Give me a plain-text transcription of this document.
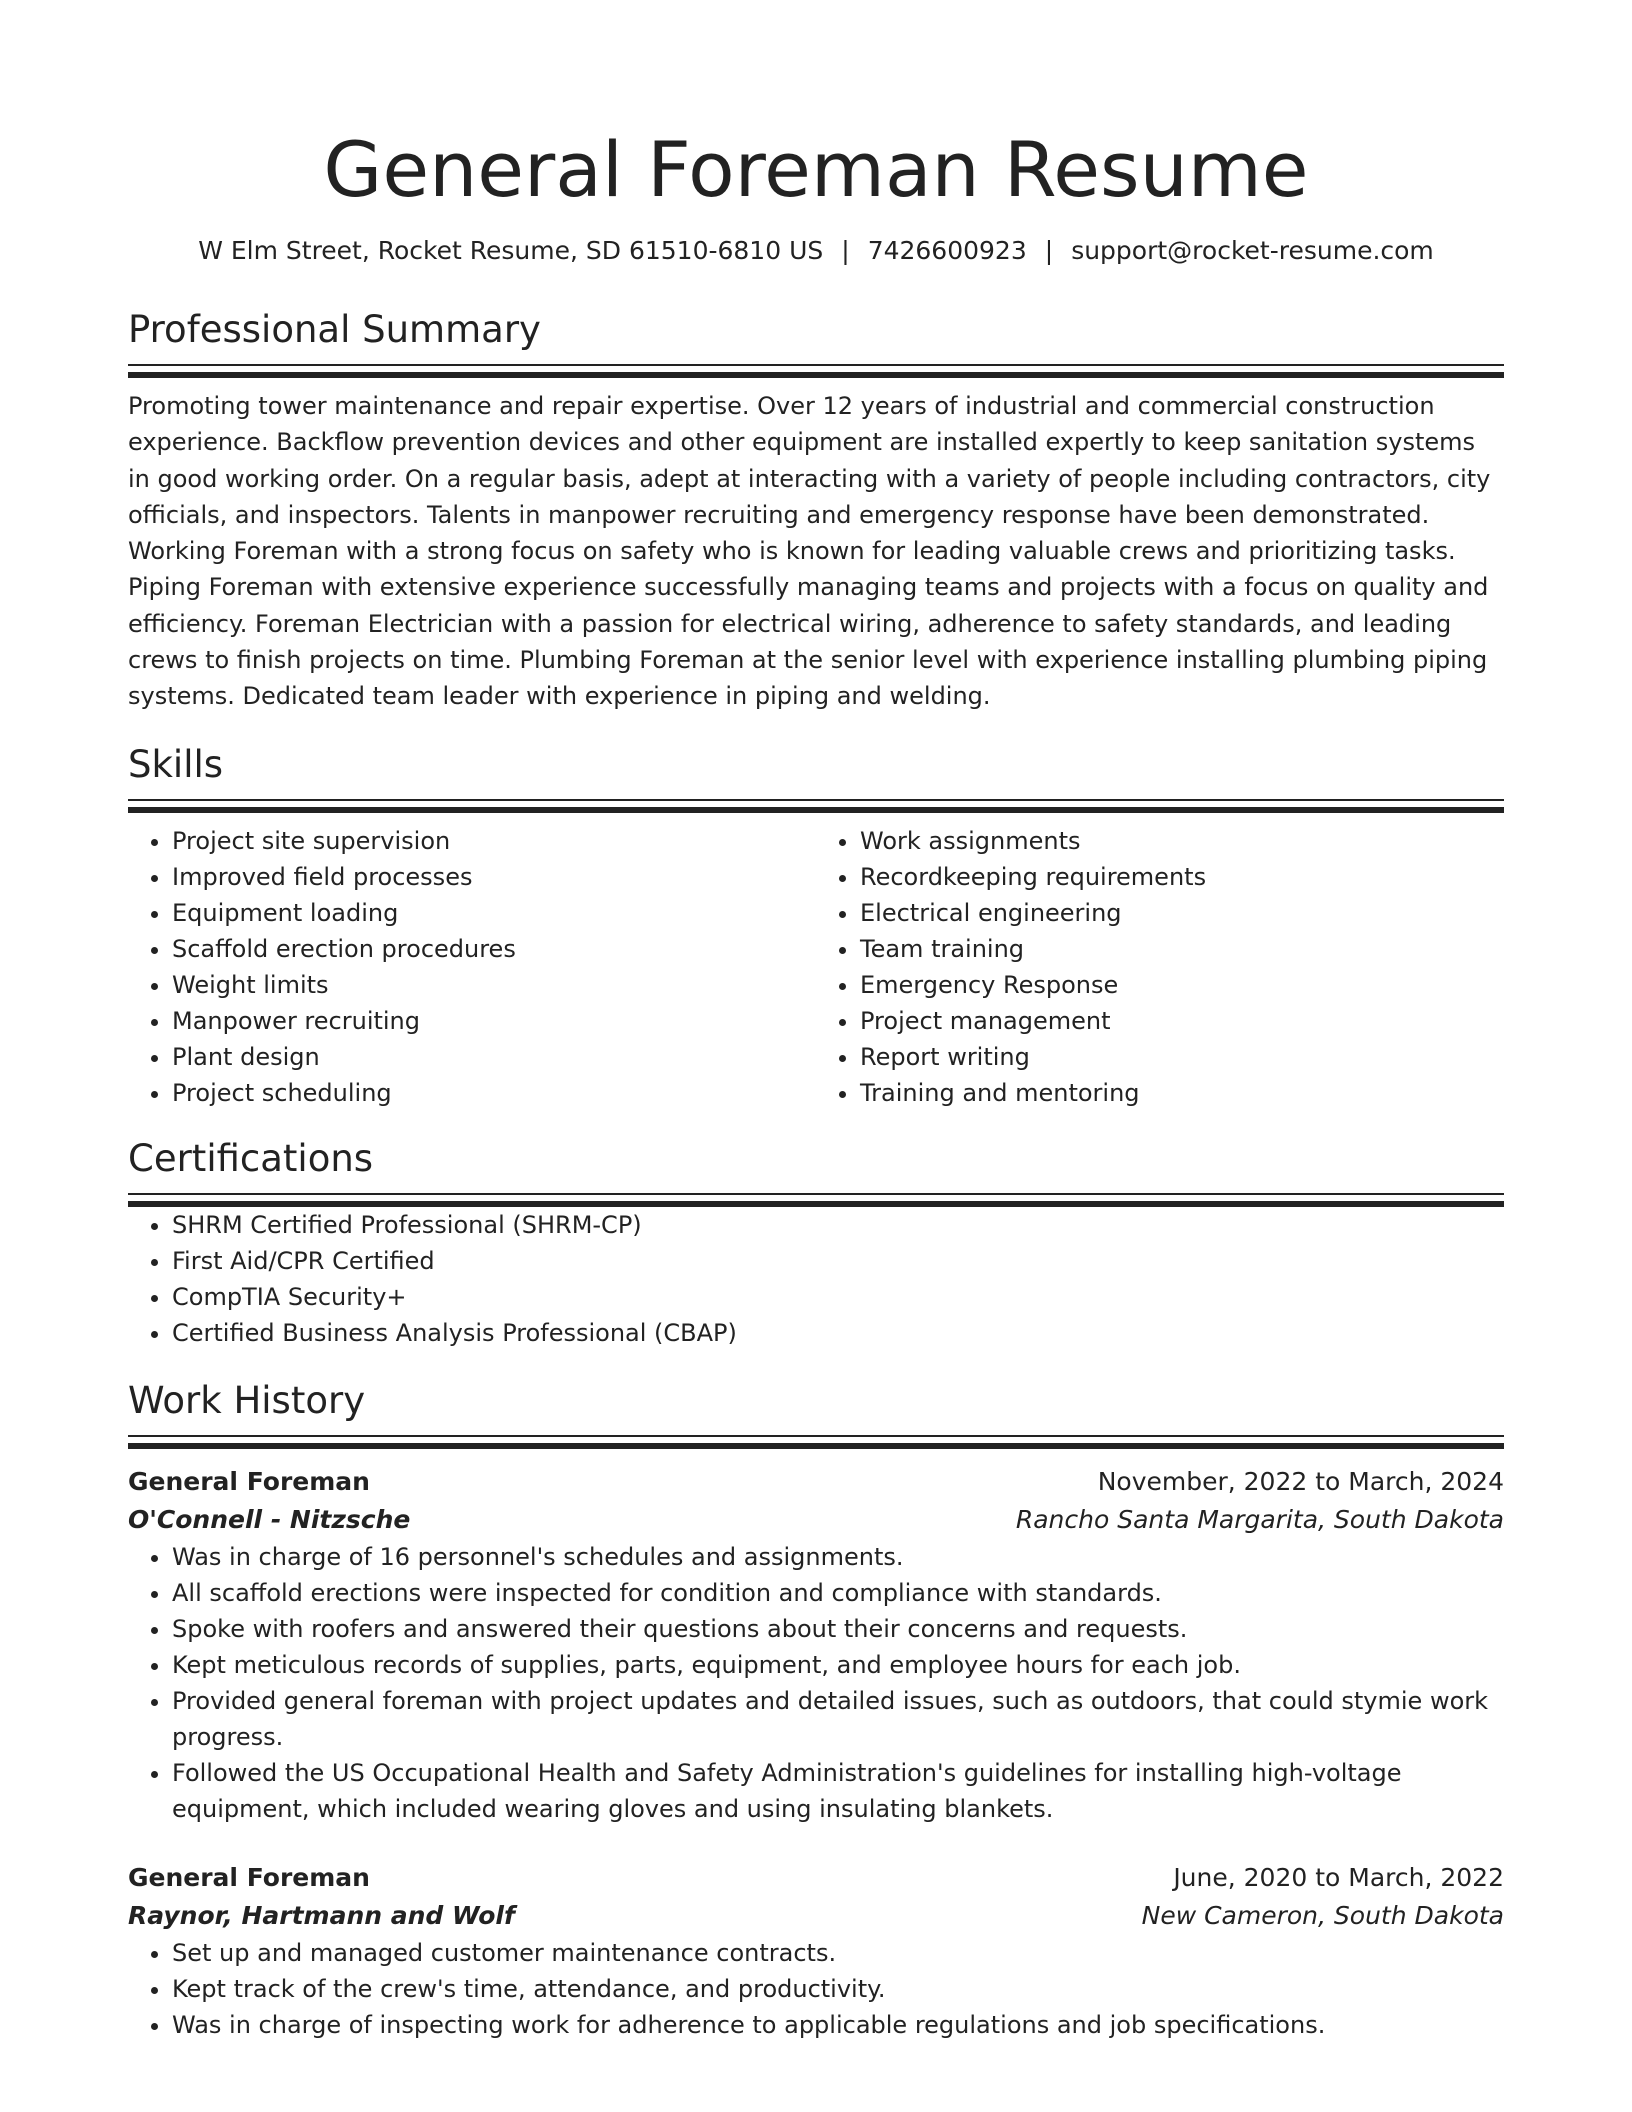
General Foreman Resume
W Elm Street, Rocket Resume, SD 61510-6810 US | 7426600923 | support@rocket-resume.com
Professional Summary

Promoting tower maintenance and repair expertise. Over 12 years of industrial and commercial construction experience. Backflow prevention devices and other equipment are installed expertly to keep sanitation systems in good working order. On a regular basis, adept at interacting with a variety of people including contractors, city officials, and inspectors. Talents in manpower recruiting and emergency response have been demonstrated. Working Foreman with a strong focus on safety who is known for leading valuable crews and prioritizing tasks. Piping Foreman with extensive experience successfully managing teams and projects with a focus on quality and efficiency. Foreman Electrician with a passion for electrical wiring, adherence to safety standards, and leading crews to finish projects on time. Plumbing Foreman at the senior level with experience installing plumbing piping systems. Dedicated team leader with experience in piping and welding.

Skills
• Project site supervision
• Improved field processes
• Equipment loading
• Scaffold erection procedures
• Weight limits
• Manpower recruiting
• Plant design
• Project scheduling
• Work assignments
• Recordkeeping requirements
• Electrical engineering
• Team training
• Emergency Response
• Project management
• Report writing
• Training and mentoring
Certifications
• SHRM Certified Professional (SHRM-CP)
• First Aid/CPR Certified
• CompTIA Security+
• Certified Business Analysis Professional (CBAP)
Work History
General Foreman	November, 2022 to March, 2024
O'Connell - Nitzsche	Rancho Santa Margarita, South Dakota
• Was in charge of 16 personnel's schedules and assignments.
• All scaffold erections were inspected for condition and compliance with standards.
• Spoke with roofers and answered their questions about their concerns and requests.
• Kept meticulous records of supplies, parts, equipment, and employee hours for each job.
• Provided general foreman with project updates and detailed issues, such as outdoors, that could stymie work progress.
• Followed the US Occupational Health and Safety Administration's guidelines for installing high-voltage equipment, which included wearing gloves and using insulating blankets.
General Foreman	June, 2020 to March, 2022
Raynor, Hartmann and Wolf	New Cameron, South Dakota
• Set up and managed customer maintenance contracts.
• Kept track of the crew's time, attendance, and productivity.
• Was in charge of inspecting work for adherence to applicable regulations and job specifications.
